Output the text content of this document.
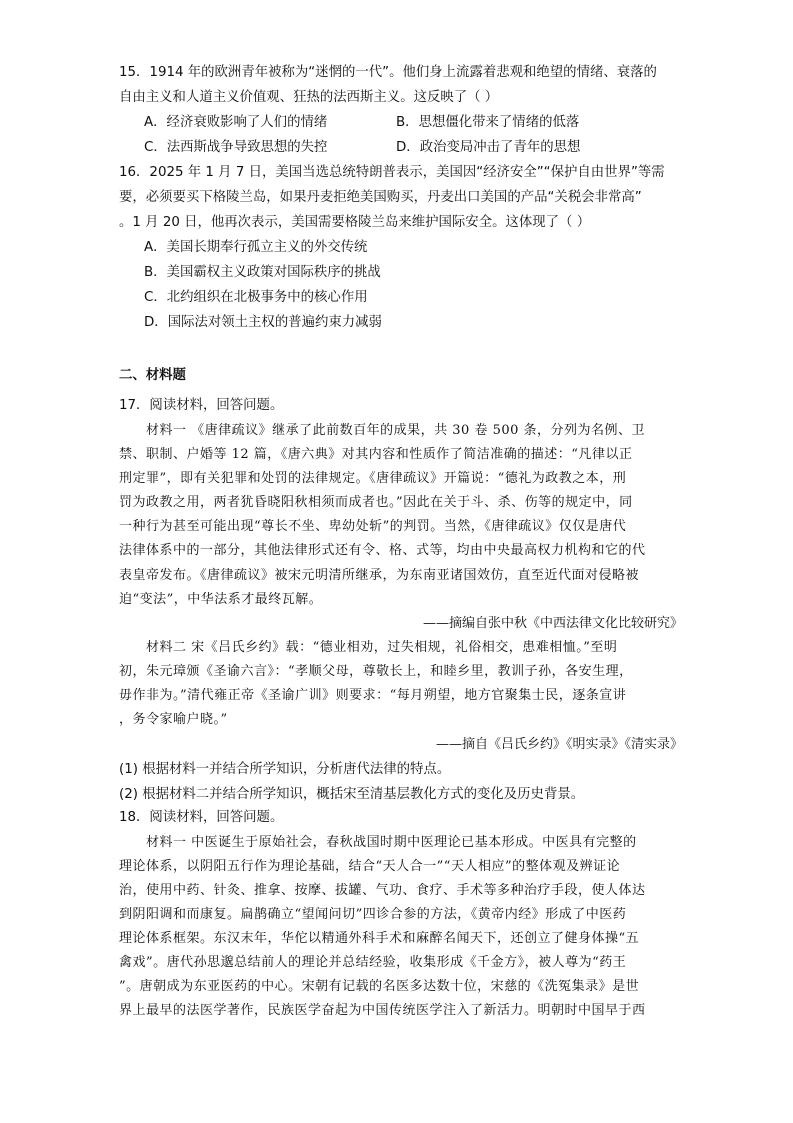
15．1914 年的欧洲青年被称为“迷惘的一代”。他们身上流露着悲观和绝望的情绪、衰落的
自由主义和人道主义价值观、狂热的法西斯主义。这反映了（ ）
A．经济衰败影响了人们的情绪	B．思想僵化带来了情绪的低落
C．法西斯战争导致思想的失控	D．政治变局冲击了青年的思想
16．2025 年 1 月 7 日，美国当选总统特朗普表示，美国因“经济安全”“保护自由世界”等需
要，必须要买下格陵兰岛，如果丹麦拒绝美国购买，丹麦出口美国的产品“关税会非常高”
。1 月 20 日，他再次表示，美国需要格陵兰岛来维护国际安全。这体现了（ ）
A．美国长期奉行孤立主义的外交传统
B．美国霸权主义政策对国际秩序的挑战
C．北约组织在北极事务中的核心作用
D．国际法对领土主权的普遍约束力减弱
二、材料题
17．阅读材料，回答问题。
材料一 《唐律疏议》继承了此前数百年的成果，共 30 卷 500 条，分列为名例、卫
禁、职制、户婚等 12 篇，《唐六典》对其内容和性质作了简洁准确的描述：“凡律以正
刑定罪”，即有关犯罪和处罚的法律规定。《唐律疏议》开篇说：“德礼为政教之本，刑
罚为政教之用，两者犹昏晓阳秋相须而成者也。”因此在关于斗、杀、伤等的规定中，同
一种行为甚至可能出现“尊长不坐、卑幼处斩”的判罚。当然，《唐律疏议》仅仅是唐代
法律体系中的一部分，其他法律形式还有令、格、式等，均由中央最高权力机构和它的代
表皇帝发布。《唐律疏议》被宋元明清所继承，为东南亚诸国效仿，直至近代面对侵略被
迫“变法”，中华法系才最终瓦解。
——摘编自张中秋《中西法律文化比较研究》
材料二 宋《吕氏乡约》载：“德业相劝，过失相规，礼俗相交，患难相恤。”至明
初，朱元璋颁《圣谕六言》：“孝顺父母，尊敬长上，和睦乡里，教训子孙，各安生理，
毋作非为。”清代雍正帝《圣谕广训》则要求：“每月朔望，地方官聚集士民，逐条宣讲
，务令家喻户晓。”
——摘自《吕氏乡约》《明实录》《清实录》
(1) 根据材料一并结合所学知识，分析唐代法律的特点。
(2) 根据材料二并结合所学知识，概括宋至清基层教化方式的变化及历史背景。
18．阅读材料，回答问题。
材料一 中医诞生于原始社会，春秋战国时期中医理论已基本形成。中医具有完整的
理论体系，以阴阳五行作为理论基础，结合“天人合一”“天人相应”的整体观及辨证论
治，使用中药、针灸、推拿、按摩、拔罐、气功、食疗、手术等多种治疗手段，使人体达
到阴阳调和而康复。扁鹊确立“望闻问切”四诊合参的方法，《黄帝内经》形成了中医药
理论体系框架。东汉末年，华佗以精通外科手术和麻醉名闻天下，还创立了健身体操“五
禽戏”。唐代孙思邈总结前人的理论并总结经验，收集形成《千金方》，被人尊为“药王
”。唐朝成为东亚医药的中心。宋朝有记载的名医多达数十位，宋慈的《洗冤集录》是世
界上最早的法医学著作，民族医学奋起为中国传统医学注入了新活力。明朝时中国早于西
